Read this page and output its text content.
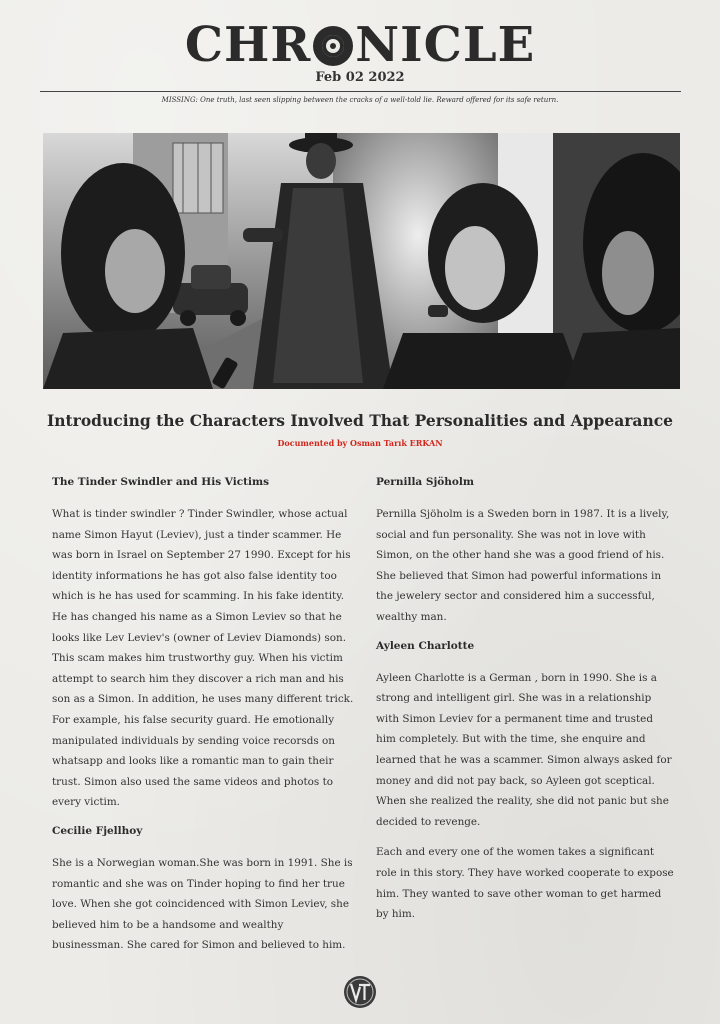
CHR NICLE
Feb 02 2022
MISSING: One truth, last seen slipping between the cracks of a well-told lie. Reward offered for its safe return.
Introducing the Characters Involved That Personalities and Appearance
Documented by Osman Tarık ERKAN
The Tinder Swindler and His Victims
What is tinder swindler ? Tinder Swindler, whose actual name Simon Hayut (Leviev), just a tinder scammer. He was born in Israel on September 27 1990. Except for his identity informations he has got also false identity too which is he has used for scamming. In his fake identity. He has changed his name as a Simon Leviev so that he looks like Lev Leviev's (owner of Leviev Diamonds) son. This scam makes him trustworthy guy. When his victim attempt to search him they discover a rich man and his son as a Simon. In addition, he uses many different trick. For example, his false security guard. He emotionally manipulated individuals by sending voice recorsds on whatsapp and looks like a romantic man to gain their trust. Simon also used the same videos and photos to every victim.
Cecilie Fjellhoy
She is a Norwegian woman.She was born in 1991. She is romantic and she was on Tinder hoping to find her true love. When she got coincidenced with Simon Leviev, she believed him to be a handsome and wealthy businessman. She cared for Simon and believed to him.
Pernilla Sjöholm
Pernilla Sjöholm is a Sweden born in 1987. It is a lively, social and fun personality. She was not in love with Simon, on the other hand she was a good friend of his. She believed that Simon had powerful informations in the jewelery sector and considered him a successful, wealthy man.
Ayleen Charlotte
Ayleen Charlotte is a German , born in 1990. She is a strong and intelligent girl. She was in a relationship with Simon Leviev for a permanent time and trusted him completely. But with the time, she enquire and learned that he was a scammer. Simon always asked for money and did not pay back, so Ayleen got sceptical. When she realized the reality, she did not panic but she decided to revenge.
Each and every one of the women takes a significant role in this story. They have worked cooperate to expose him. They wanted to save other woman to get harmed by him.
